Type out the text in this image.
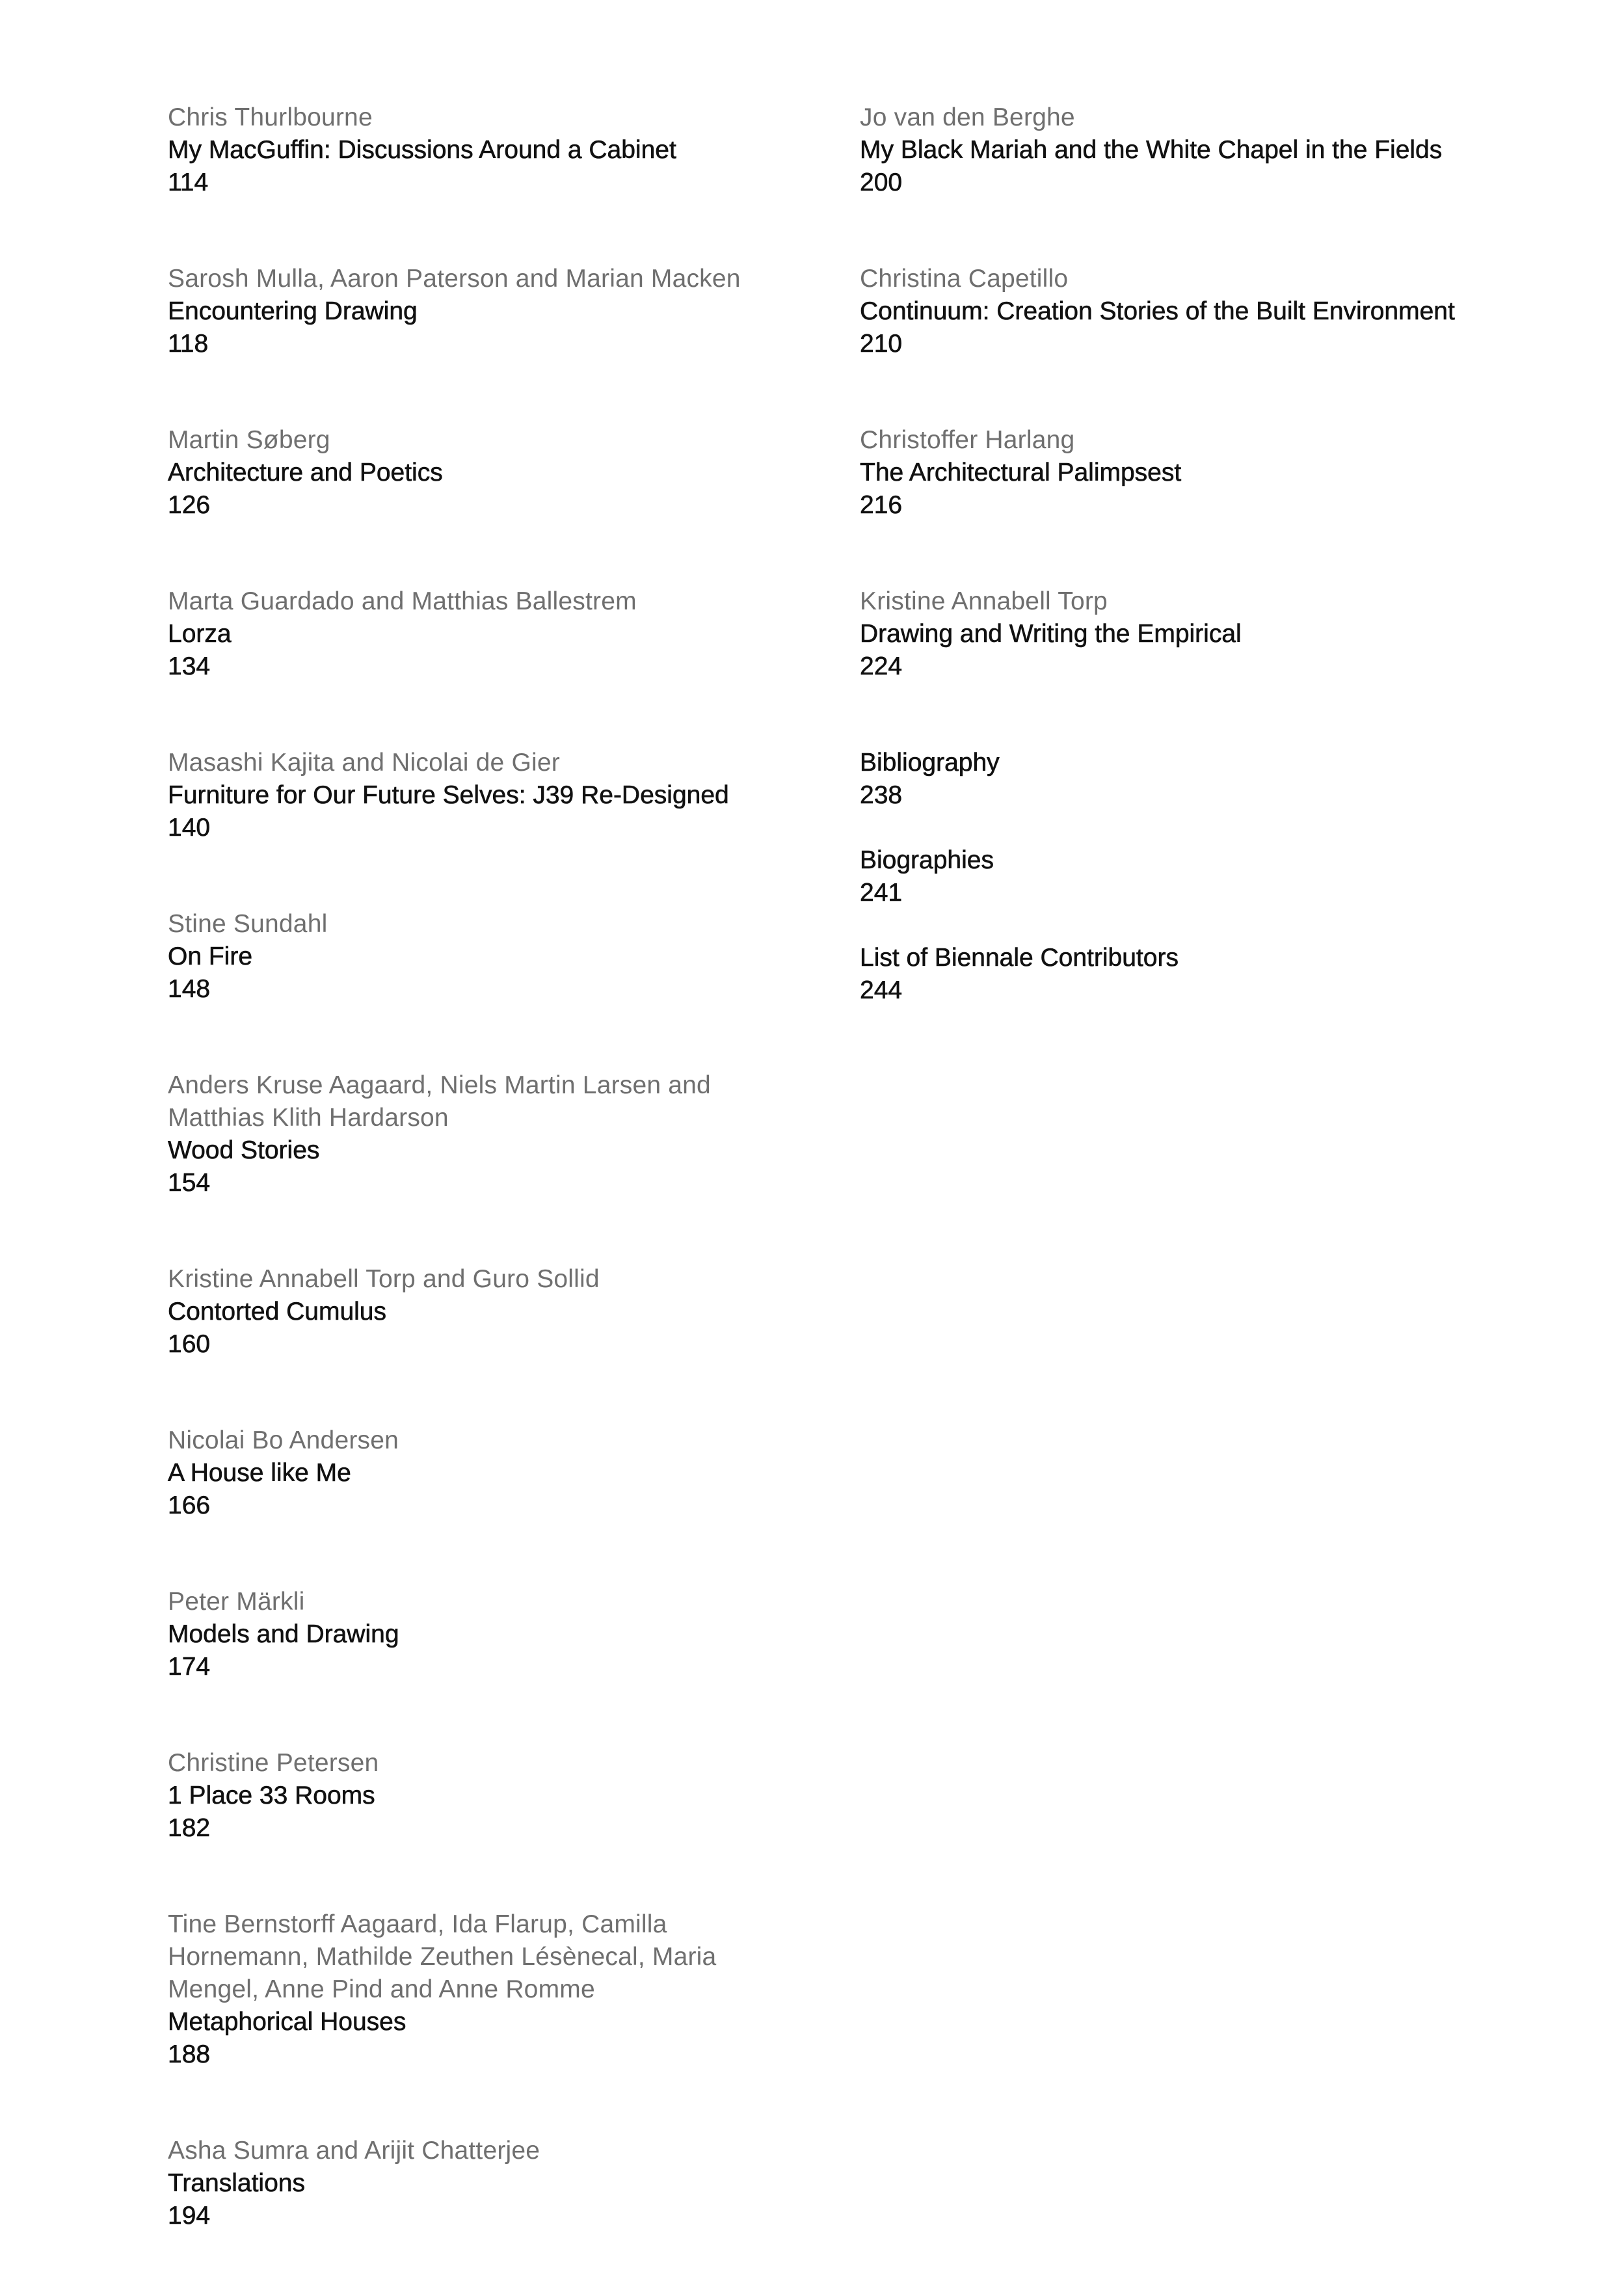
Chris Thurlbourne
My MacGuffin: Discussions Around a Cabinet
114
Sarosh Mulla, Aaron Paterson and Marian Macken
Encountering Drawing
118
Martin Søberg
Architecture and Poetics
126
Marta Guardado and Matthias Ballestrem
Lorza
134
Masashi Kajita and Nicolai de Gier
Furniture for Our Future Selves: J39 Re-Designed
140
Stine Sundahl
On Fire
148
Anders Kruse Aagaard, Niels Martin Larsen and
Matthias Klith Hardarson
Wood Stories
154
Kristine Annabell Torp and Guro Sollid
Contorted Cumulus
160
Nicolai Bo Andersen
A House like Me
166
Peter Märkli
Models and Drawing
174
Christine Petersen
1 Place 33 Rooms
182
Tine Bernstorff Aagaard, Ida Flarup, Camilla
Hornemann, Mathilde Zeuthen Lésènecal, Maria
Mengel, Anne Pind and Anne Romme
Metaphorical Houses
188
Asha Sumra and Arijit Chatterjee
Translations
194
Jo van den Berghe
My Black Mariah and the White Chapel in the Fields
200
Christina Capetillo
Continuum: Creation Stories of the Built Environment
210
Christoffer Harlang
The Architectural Palimpsest
216
Kristine Annabell Torp
Drawing and Writing the Empirical
224
Bibliography
238
Biographies
241
List of Biennale Contributors
244
